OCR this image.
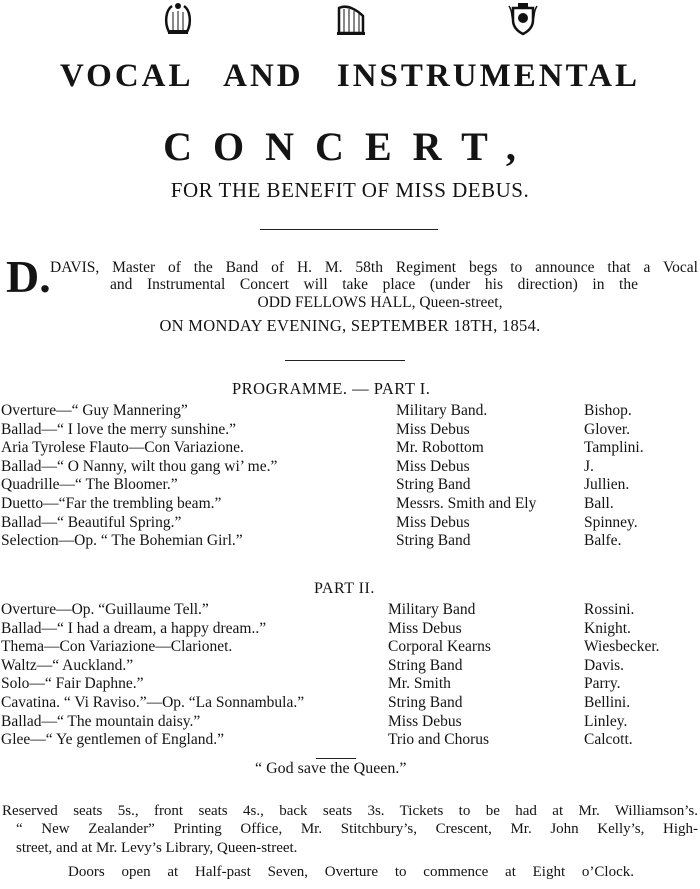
VOCAL AND INSTRUMENTAL
CONCERT,
FOR THE BENEFIT OF MISS DEBUS.
D. DAVIS, Master of the Band of H. M. 58th Regiment begs to announce that a Vocal
and Instrumental Concert will take place (under his direction) in the
ODD FELLOWS HALL, Queen-street,
ON MONDAY EVENING, SEPTEMBER 18TH, 1854.
PROGRAMME. — PART I.
Overture—“ Guy Mannering”	Military Band.	Bishop.
Ballad—“ I love the merry sunshine.”	Miss Debus	Glover.
Aria Tyrolese Flauto—Con Variazione.	Mr. Robottom	Tamplini.
Ballad—“ O Nanny, wilt thou gang wi’ me.”	Miss Debus	J.
Quadrille—“ The Bloomer.”	String Band	Jullien.
Duetto—“Far the trembling beam.”	Messrs. Smith and Ely	Ball.
Ballad—“ Beautiful Spring.”	Miss Debus	Spinney.
Selection—Op. “ The Bohemian Girl.”	String Band	Balfe.
PART II.
Overture—Op. “Guillaume Tell.”	Military Band	Rossini.
Ballad—“ I had a dream, a happy dream..”	Miss Debus	Knight.
Thema—Con Variazione—Clarionet.	Corporal Kearns	Wiesbecker.
Waltz—“ Auckland.”	String Band	Davis.
Solo—“ Fair Daphne.”	Mr. Smith	Parry.
Cavatina. “ Vi Raviso.”—Op. “La Sonnambula.”	String Band	Bellini.
Ballad—“ The mountain daisy.”	Miss Debus	Linley.
Glee—“ Ye gentlemen of England.”	Trio and Chorus	Calcott.
“ God save the Queen.”
Reserved seats 5s., front seats 4s., back seats 3s. Tickets to be had at Mr. Williamson’s.
“ New Zealander” Printing Office, Mr. Stitchbury’s, Crescent, Mr. John Kelly’s, High-
street, and at Mr. Levy’s Library, Queen-street.
Doors open at Half-past Seven, Overture to commence at Eight o’Clock.
